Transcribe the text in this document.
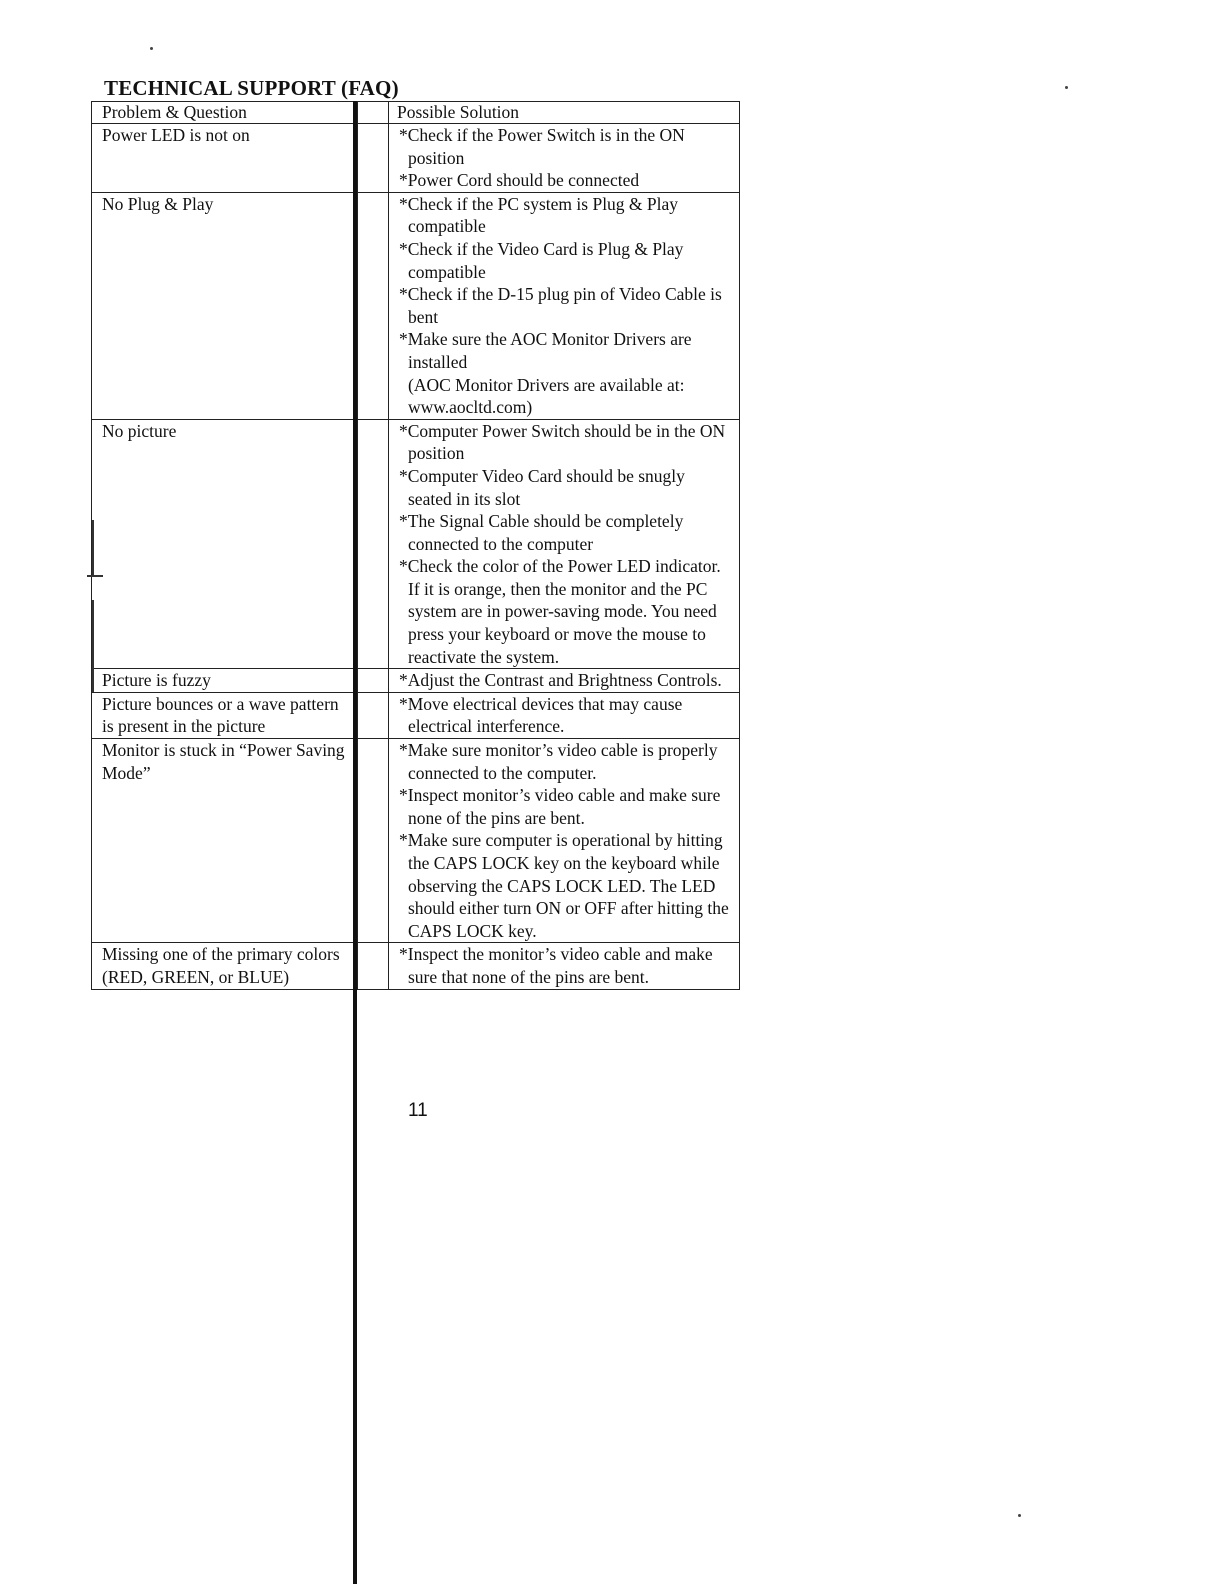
TECHNICAL SUPPORT (FAQ)
Problem & Question		Possible Solution
Power LED is not on		*Check if the Power Switch is in the ON position
*Power Cord should be connected

No Plug & Play		*Check if the PC system is Plug & Play compatible
*Check if the Video Card is Plug & Play compatible
*Check if the D-15 plug pin of Video Cable is bent
*Make sure the AOC Monitor Drivers are installed
(AOC Monitor Drivers are available at: www.aocltd.com)

No picture		*Computer Power Switch should be in the ON position
*Computer Video Card should be snugly seated in its slot
*The Signal Cable should be completely connected to the computer
*Check the color of the Power LED indicator. If it is orange, then the monitor and the PC system are in power-saving mode. You need press your keyboard or move the mouse to reactivate the system.

Picture is fuzzy		*Adjust the Contrast and Brightness Controls.

Picture bounces or a wave pattern is present in the picture		*Move electrical devices that may cause electrical interference.

Monitor is stuck in “Power Saving Mode”		*Make sure monitor’s video cable is properly connected to the computer.
*Inspect monitor’s video cable and make sure none of the pins are bent.
*Make sure computer is operational by hitting the CAPS LOCK key on the keyboard while observing the CAPS LOCK LED. The LED should either turn ON or OFF after hitting the CAPS LOCK key.

Missing one of the primary colors (RED, GREEN, or BLUE)		*Inspect the monitor’s video cable and make sure that none of the pins are bent.
11
